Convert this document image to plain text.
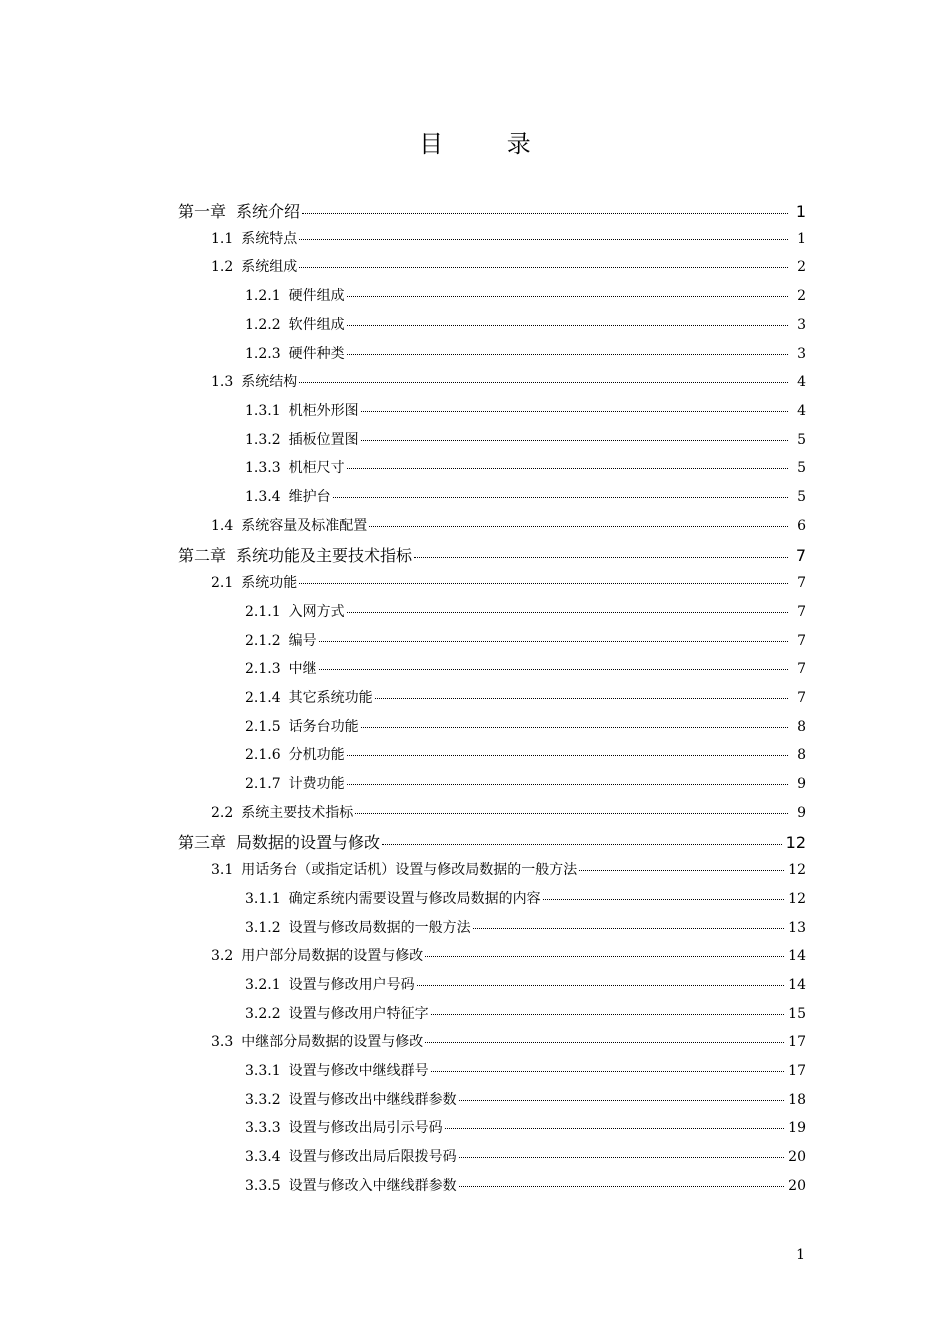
目 录
第一章 系统介绍	1
1.1 系统特点	1
1.2 系统组成	2
1.2.1 硬件组成	2
1.2.2 软件组成	3
1.2.3 硬件种类	3
1.3 系统结构	4
1.3.1 机柜外形图	4
1.3.2 插板位置图	5
1.3.3 机柜尺寸	5
1.3.4 维护台	5
1.4 系统容量及标准配置	6
第二章 系统功能及主要技术指标	7
2.1 系统功能	7
2.1.1 入网方式	7
2.1.2 编号	7
2.1.3 中继	7
2.1.4 其它系统功能	7
2.1.5 话务台功能	8
2.1.6 分机功能	8
2.1.7 计费功能	9
2.2 系统主要技术指标	9
第三章 局数据的设置与修改	12
3.1 用话务台（或指定话机）设置与修改局数据的一般方法	12
3.1.1 确定系统内需要设置与修改局数据的内容	12
3.1.2 设置与修改局数据的一般方法	13
3.2 用户部分局数据的设置与修改	14
3.2.1 设置与修改用户号码	14
3.2.2 设置与修改用户特征字	15
3.3 中继部分局数据的设置与修改	17
3.3.1 设置与修改中继线群号	17
3.3.2 设置与修改出中继线群参数	18
3.3.3 设置与修改出局引示号码	19
3.3.4 设置与修改出局后限拨号码	20
3.3.5 设置与修改入中继线群参数	20
1
